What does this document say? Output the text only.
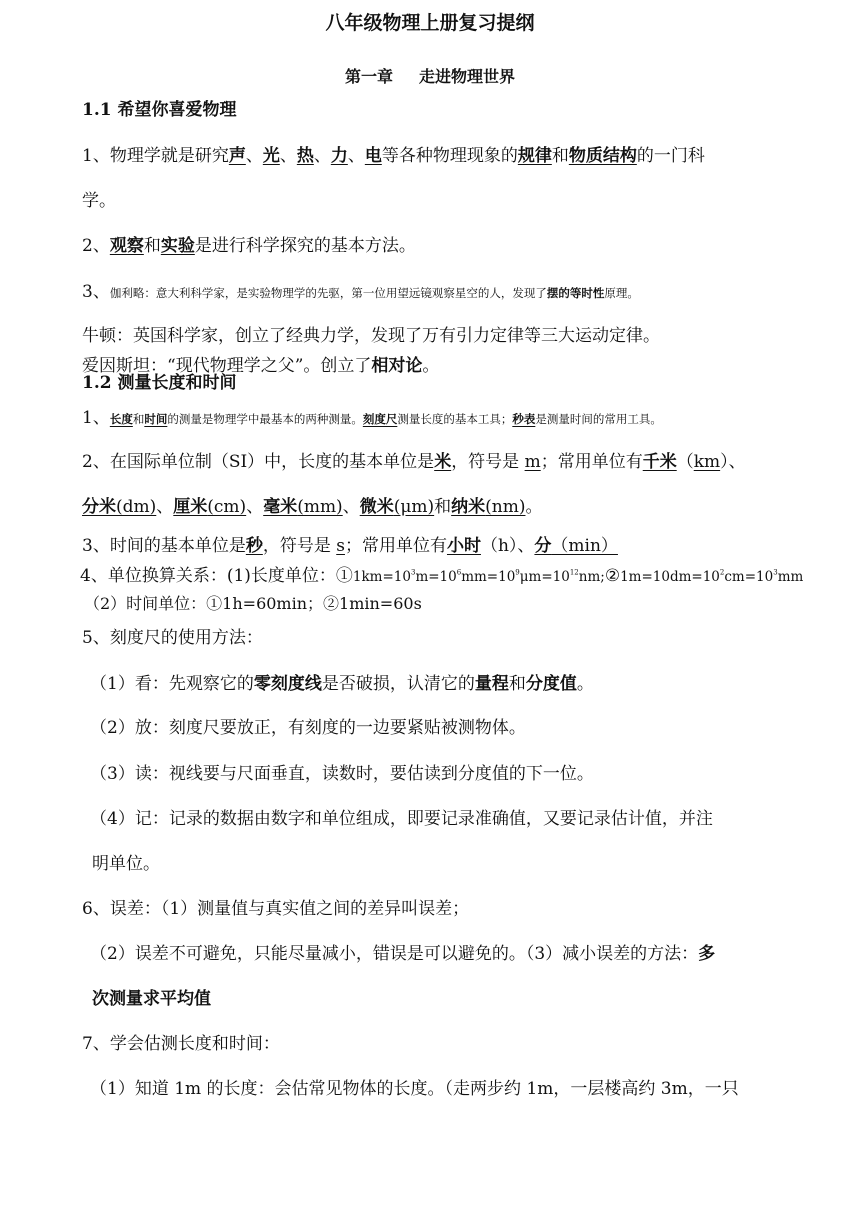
八年级物理上册复习提纲
第一章 走进物理世界
1.1 希望你喜爱物理
1、物理学就是研究声、光、热、力、电等各种物理现象的规律和物质结构的一门科
学。
2、观察和实验是进行科学探究的基本方法。
3、伽利略：意大利科学家，是实验物理学的先驱，第一位用望远镜观察星空的人，发现了摆的等时性原理。
牛顿：英国科学家，创立了经典力学，发现了万有引力定律等三大运动定律。
爱因斯坦：“现代物理学之父”。创立了相对论。
1.2 测量长度和时间
1、长度和时间的测量是物理学中最基本的两种测量。刻度尺测量长度的基本工具；秒表是测量时间的常用工具。
2、在国际单位制（SI）中，长度的基本单位是米，符号是 m；常用单位有千米（km）、
分米(dm)、厘米(cm)、毫米(mm)、微米(μm)和纳米(nm)。
3、时间的基本单位是秒，符号是 s；常用单位有小时（h）、分（min）
4、单位换算关系：(1)长度单位：$①1km=10^3m=10^6mm=10^9\mu m=10^{12}nm;②1m=10dm=10^2cm=10^3mm$
（2）时间单位：①1h=60min；②1min=60s
5、刻度尺的使用方法：
（1）看：先观察它的零刻度线是否破损，认清它的量程和分度值。
（2）放：刻度尺要放正，有刻度的一边要紧贴被测物体。
（3）读：视线要与尺面垂直，读数时，要估读到分度值的下一位。
（4）记：记录的数据由数字和单位组成，即要记录准确值，又要记录估计值，并注
明单位。
6、误差：（1）测量值与真实值之间的差异叫误差；
（2）误差不可避免，只能尽量减小，错误是可以避免的。（3）减小误差的方法：多
次测量求平均值
7、学会估测长度和时间：
（1）知道 1m 的长度：会估常见物体的长度。（走两步约 1m，一层楼高约 3m，一只
